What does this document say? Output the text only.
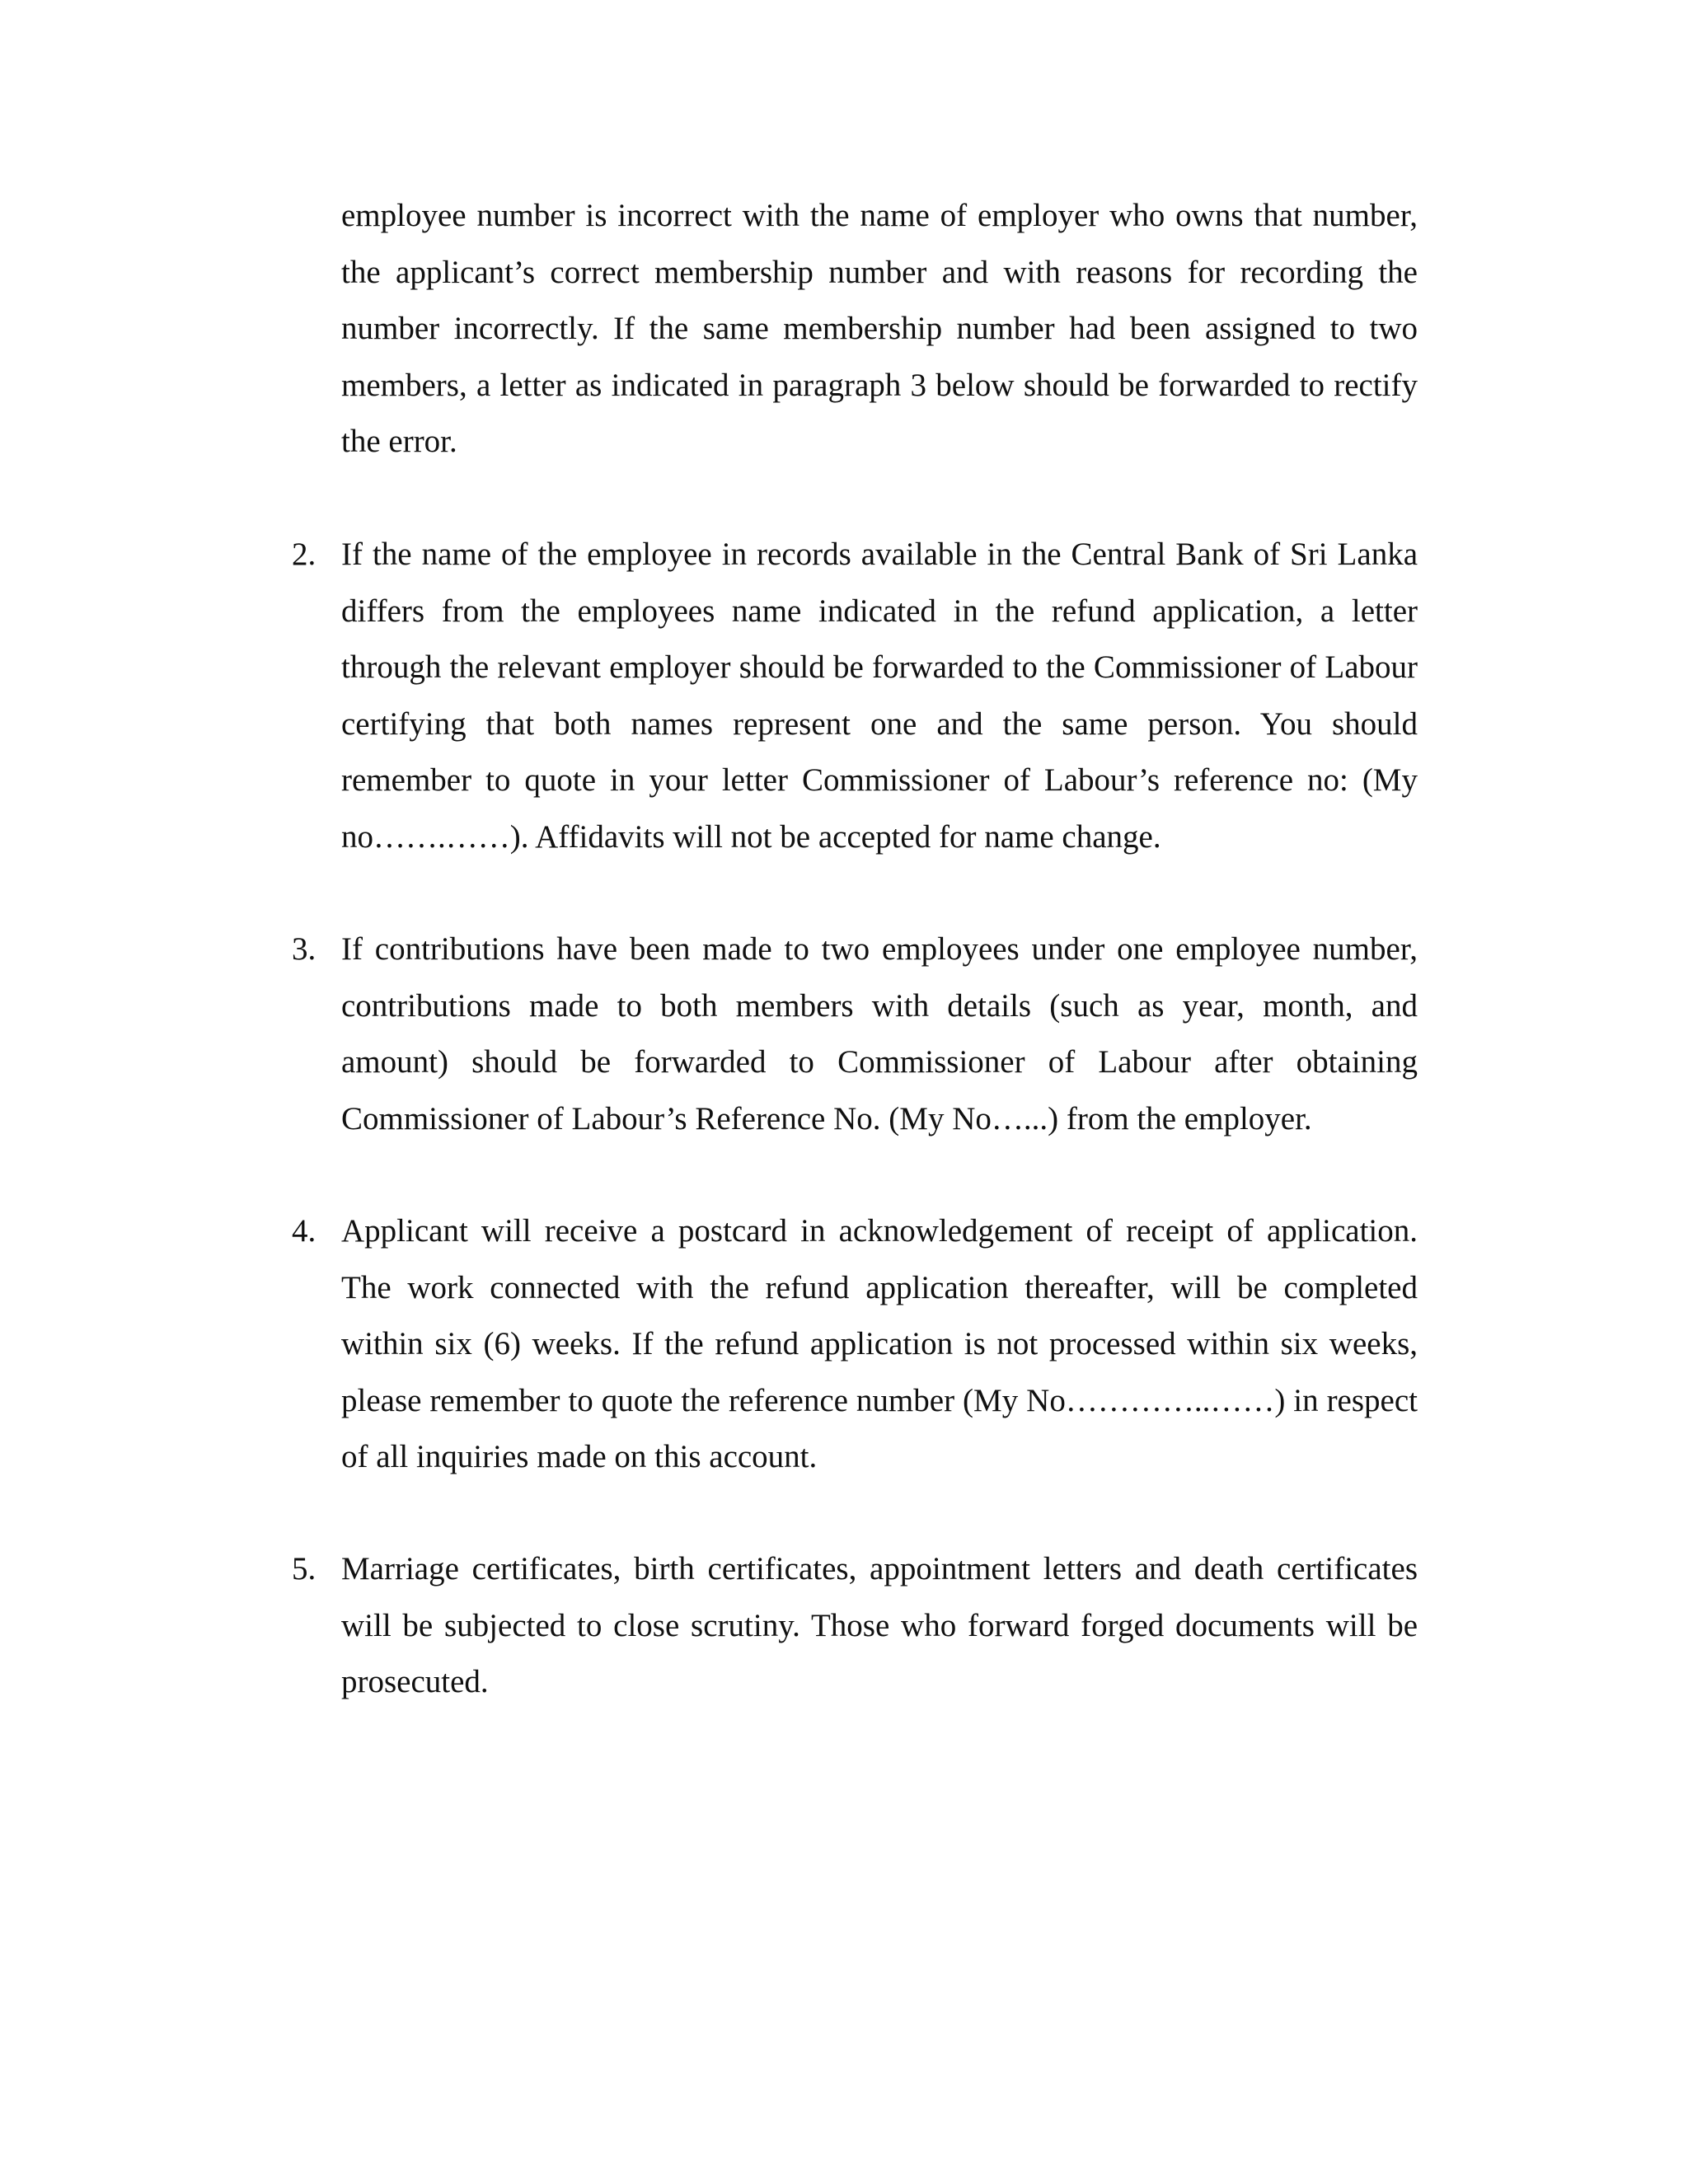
employee number is incorrect with the name of employer who owns that number, the applicant’s correct membership number and with reasons for recording the number incorrectly. If the same membership number had been assigned to two members, a letter as indicated in paragraph 3 below should be forwarded to rectify the error.

2. If the name of the employee in records available in the Central Bank of Sri Lanka differs from the employees name indicated in the refund application, a letter through the relevant employer should be forwarded to the Commissioner of Labour certifying that both names represent one and the same person. You should remember to quote in your letter Commissioner of Labour’s reference no: (My no…….……). Affidavits will not be accepted for name change.

3. If contributions have been made to two employees under one employee number, contributions made to both members with details (such as year, month, and amount) should be forwarded to Commissioner of Labour after obtaining Commissioner of Labour’s Reference No. (My No…...) from the employer.

4. Applicant will receive a postcard in acknowledgement of receipt of application. The work connected with the refund application thereafter, will be completed within six (6) weeks. If the refund application is not processed within six weeks, please remember to quote the reference number (My No…………..……) in respect of all inquiries made on this account.

5. Marriage certificates, birth certificates, appointment letters and death certificates will be subjected to close scrutiny. Those who forward forged documents will be prosecuted.
